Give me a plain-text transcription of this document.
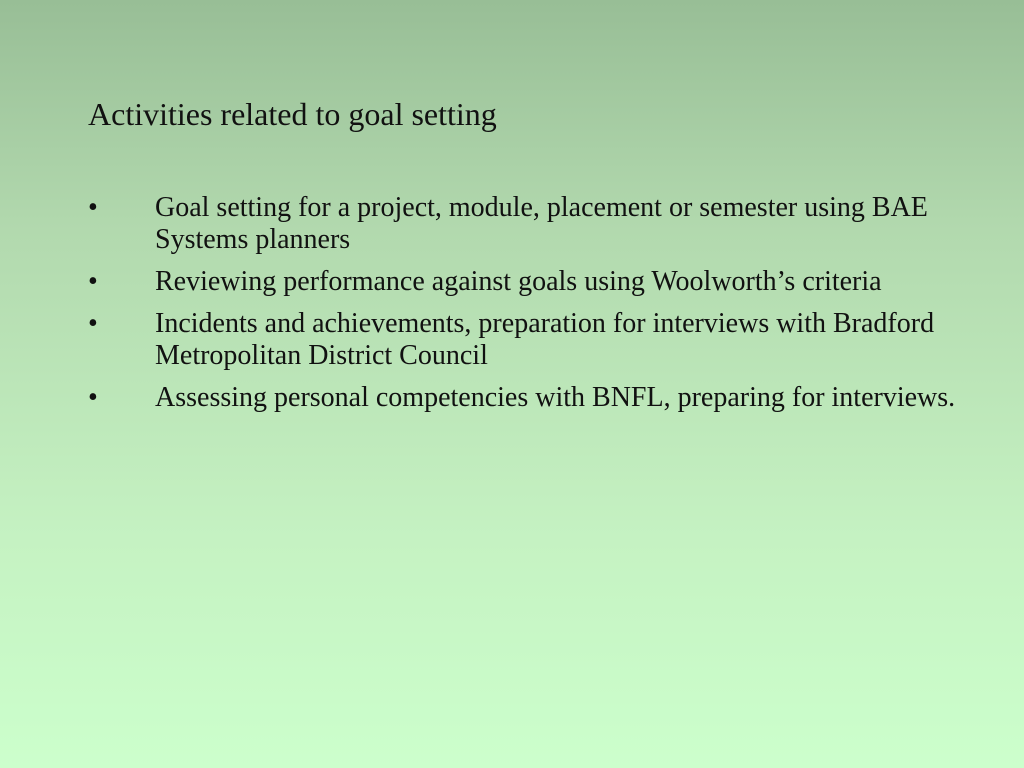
Activities related to goal setting
•	Goal setting for a project, module, placement or semester using BAE Systems planners
•	Reviewing performance against goals using Woolworth’s criteria
•	Incidents and achievements, preparation for interviews with Bradford Metropolitan District Council
•	Assessing personal competencies with BNFL, preparing for interviews.
